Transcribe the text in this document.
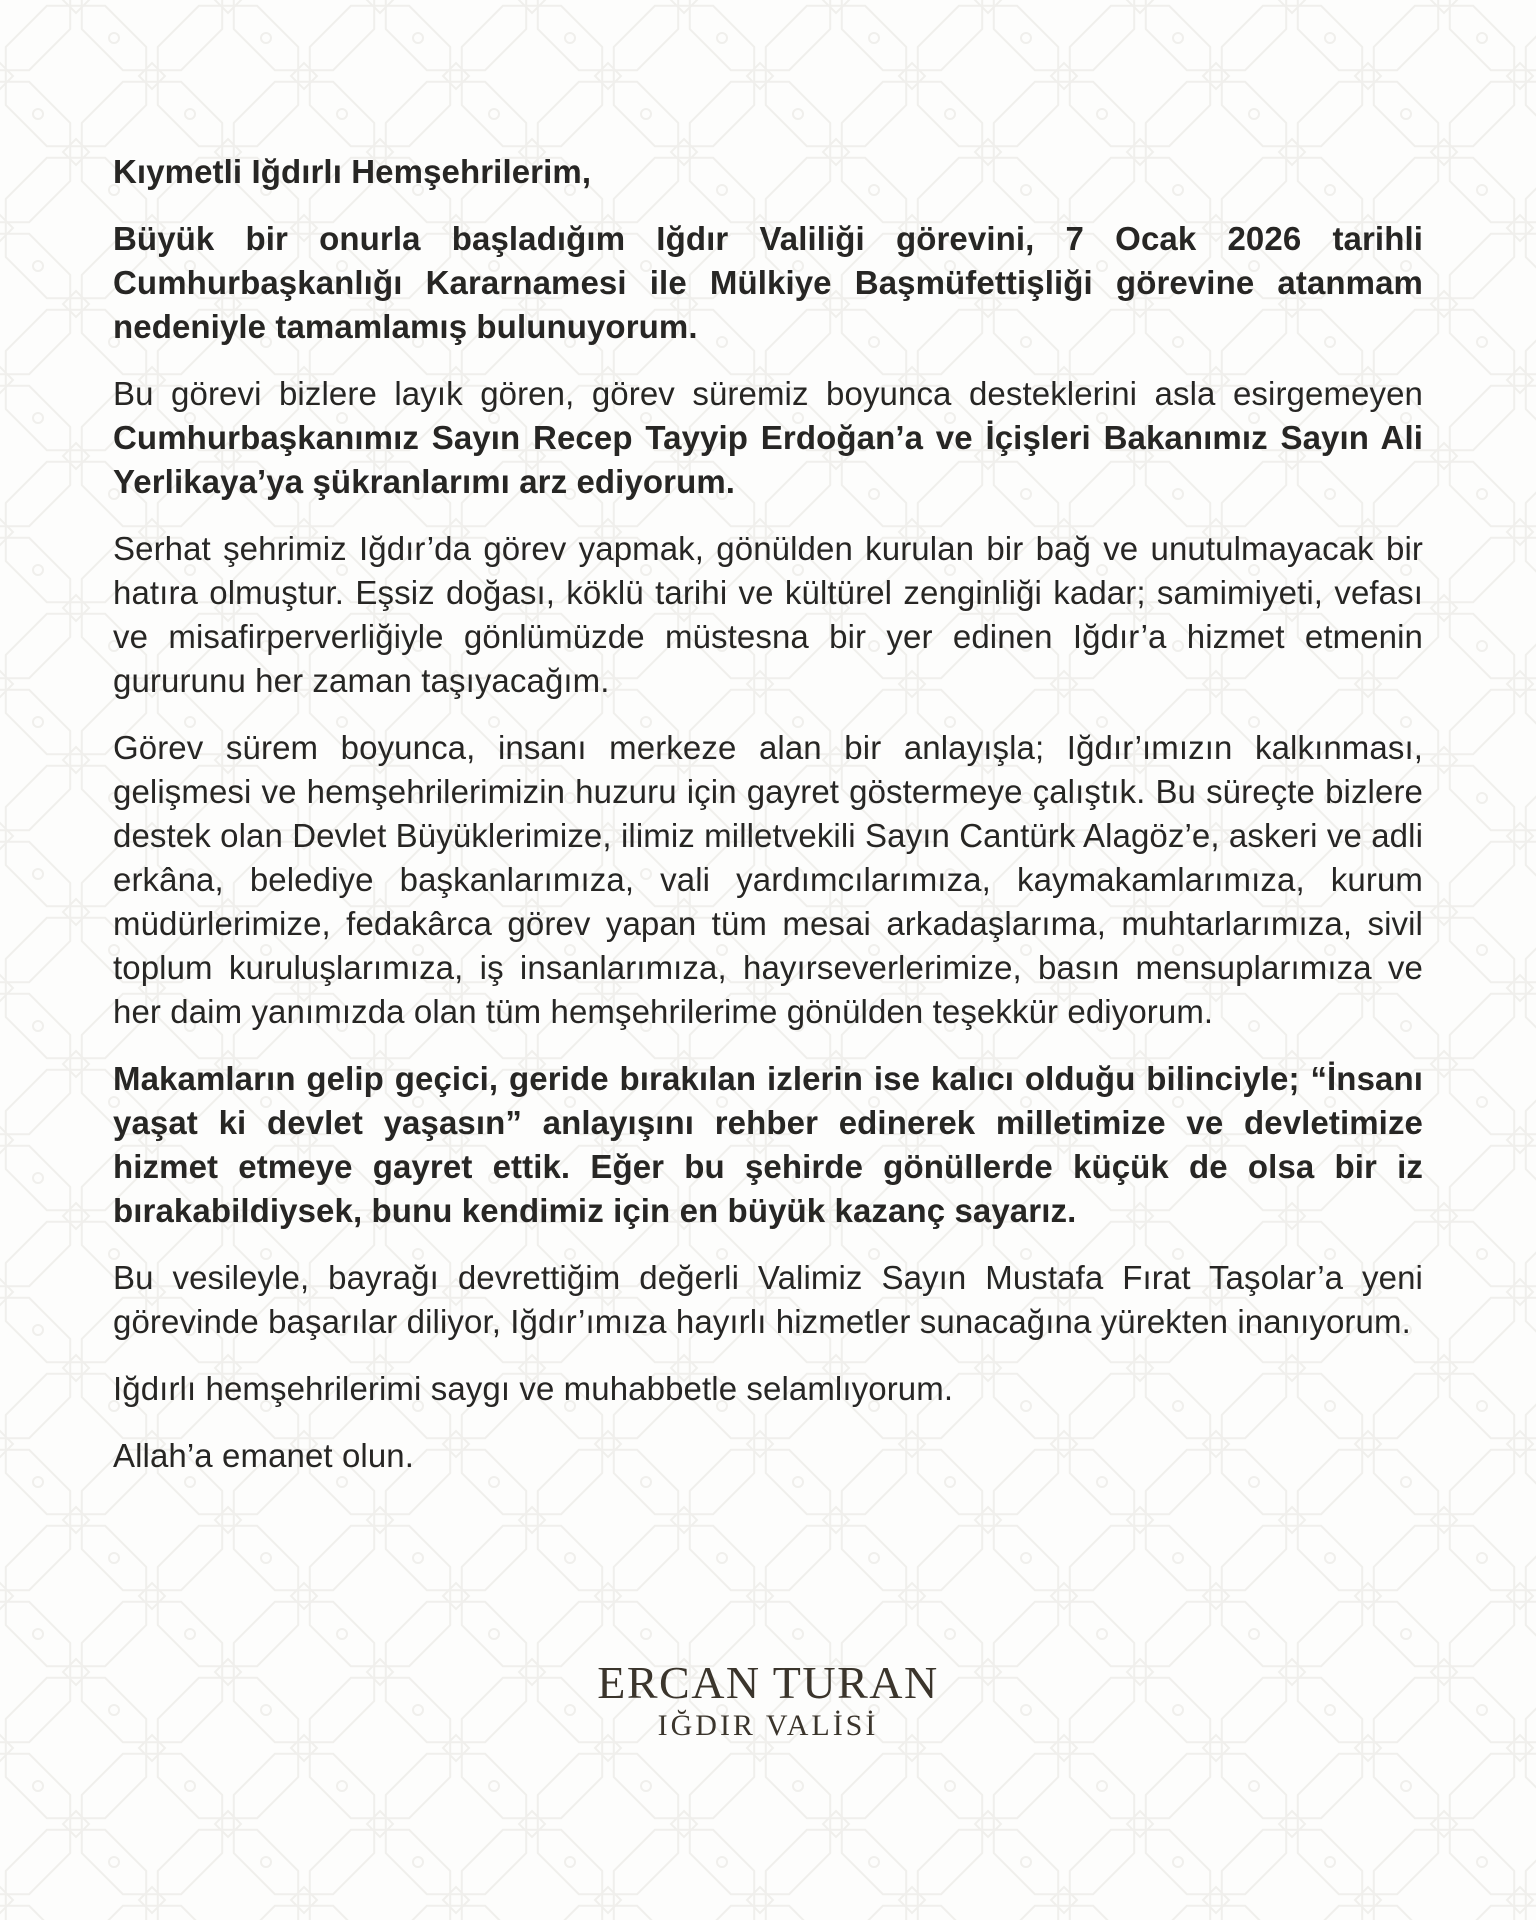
Kıymetli Iğdırlı Hemşehrilerim,

Büyük bir onurla başladığım Iğdır Valiliği görevini, 7 Ocak 2026 tarihli Cumhurbaşkanlığı Kararnamesi ile Mülkiye Başmüfettişliği görevine atanmam nedeniyle tamamlamış bulunuyorum.

Bu görevi bizlere layık gören, görev süremiz boyunca desteklerini asla esirgemeyen Cumhurbaşkanımız Sayın Recep Tayyip Erdoğan’a ve İçişleri Bakanımız Sayın Ali Yerlikaya’ya şükranlarımı arz ediyorum.

Serhat şehrimiz Iğdır’da görev yapmak, gönülden kurulan bir bağ ve unutulmayacak bir hatıra olmuştur. Eşsiz doğası, köklü tarihi ve kültürel zenginliği kadar; samimiyeti, vefası ve misafirperverliğiyle gönlümüzde müstesna bir yer edinen Iğdır’a hizmet etmenin gururunu her zaman taşıyacağım.

Görev sürem boyunca, insanı merkeze alan bir anlayışla; Iğdır’ımızın kalkınması, gelişmesi ve hemşehrilerimizin huzuru için gayret göstermeye çalıştık. Bu süreçte bizlere destek olan Devlet Büyüklerimize, ilimiz milletvekili Sayın Cantürk Alagöz’e, askeri ve adli erkâna, belediye başkanlarımıza, vali yardımcılarımıza, kaymakamlarımıza, kurum müdürlerimize, fedakârca görev yapan tüm mesai arkadaşlarıma, muhtarlarımıza, sivil toplum kuruluşlarımıza, iş insanlarımıza, hayırseverlerimize, basın mensuplarımıza ve her daim yanımızda olan tüm hemşehrilerime gönülden teşekkür ediyorum.

Makamların gelip geçici, geride bırakılan izlerin ise kalıcı olduğu bilinciyle; “İnsanı yaşat ki devlet yaşasın” anlayışını rehber edinerek milletimize ve devletimize hizmet etmeye gayret ettik. Eğer bu şehirde gönüllerde küçük de olsa bir iz bırakabildiysek, bunu kendimiz için en büyük kazanç sayarız.

Bu vesileyle, bayrağı devrettiğim değerli Valimiz Sayın Mustafa Fırat Taşolar’a yeni görevinde başarılar diliyor, Iğdır’ımıza hayırlı hizmetler sunacağına yürekten inanıyorum.

Iğdırlı hemşehrilerimi saygı ve muhabbetle selamlıyorum.

Allah’a emanet olun.

ERCAN TURAN
IĞDIR VALİSİ
